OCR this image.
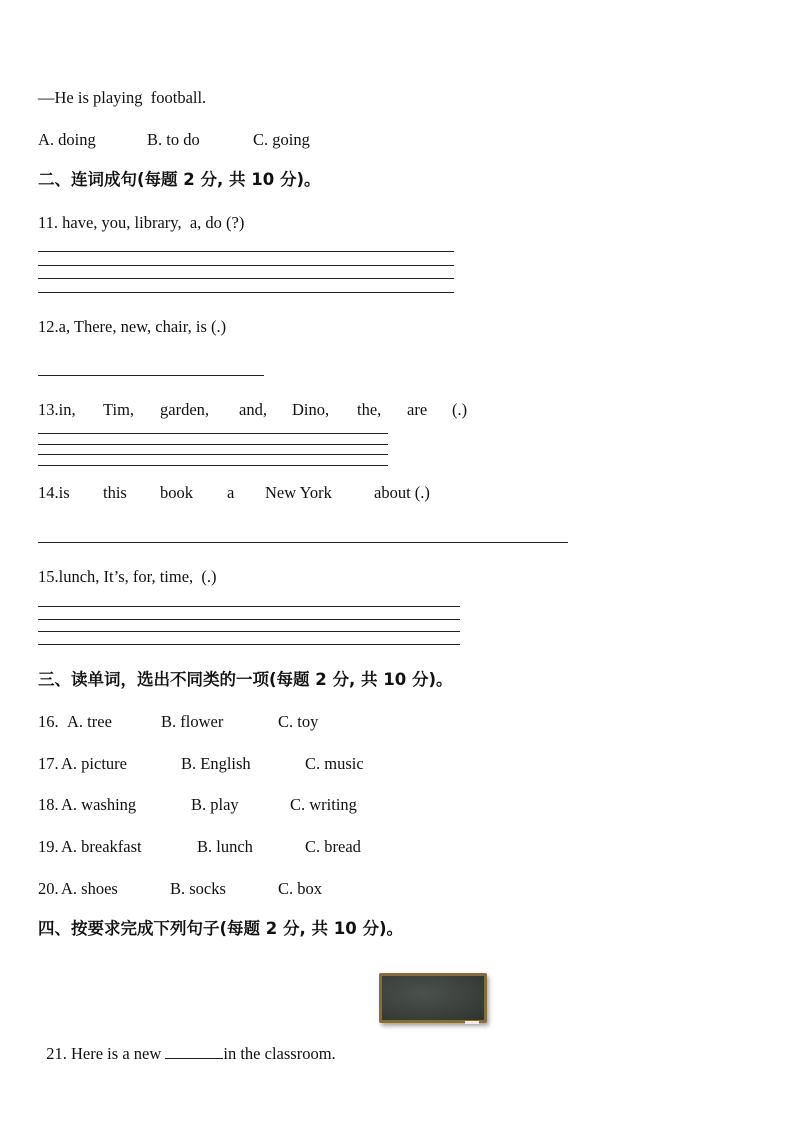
—He is playing  football.
A. doing	B. to do	C. going
二、连词成句(每题 2 分, 共 10 分)。
11. have, you, library,  a, do (?)
12.a, There, new, chair, is (.)
13.in, Tim, garden, and, Dino, the, are (.)
14.is this book a New York	about (.)
15.lunch, It’s, for, time,  (.)
三、读单词，选出不同类的一项(每题 2 分, 共 10 分)。
16. A. tree	B. flower	C. toy
17. A. picture	B. English	C. music
18. A. washing	B. play	C. writing
19. A. breakfast	B. lunch	C. bread
20. A. shoes	B. socks	C. box
四、按要求完成下列句子(每题 2 分, 共 10 分)。

21. Here is a new	in the classroom.
